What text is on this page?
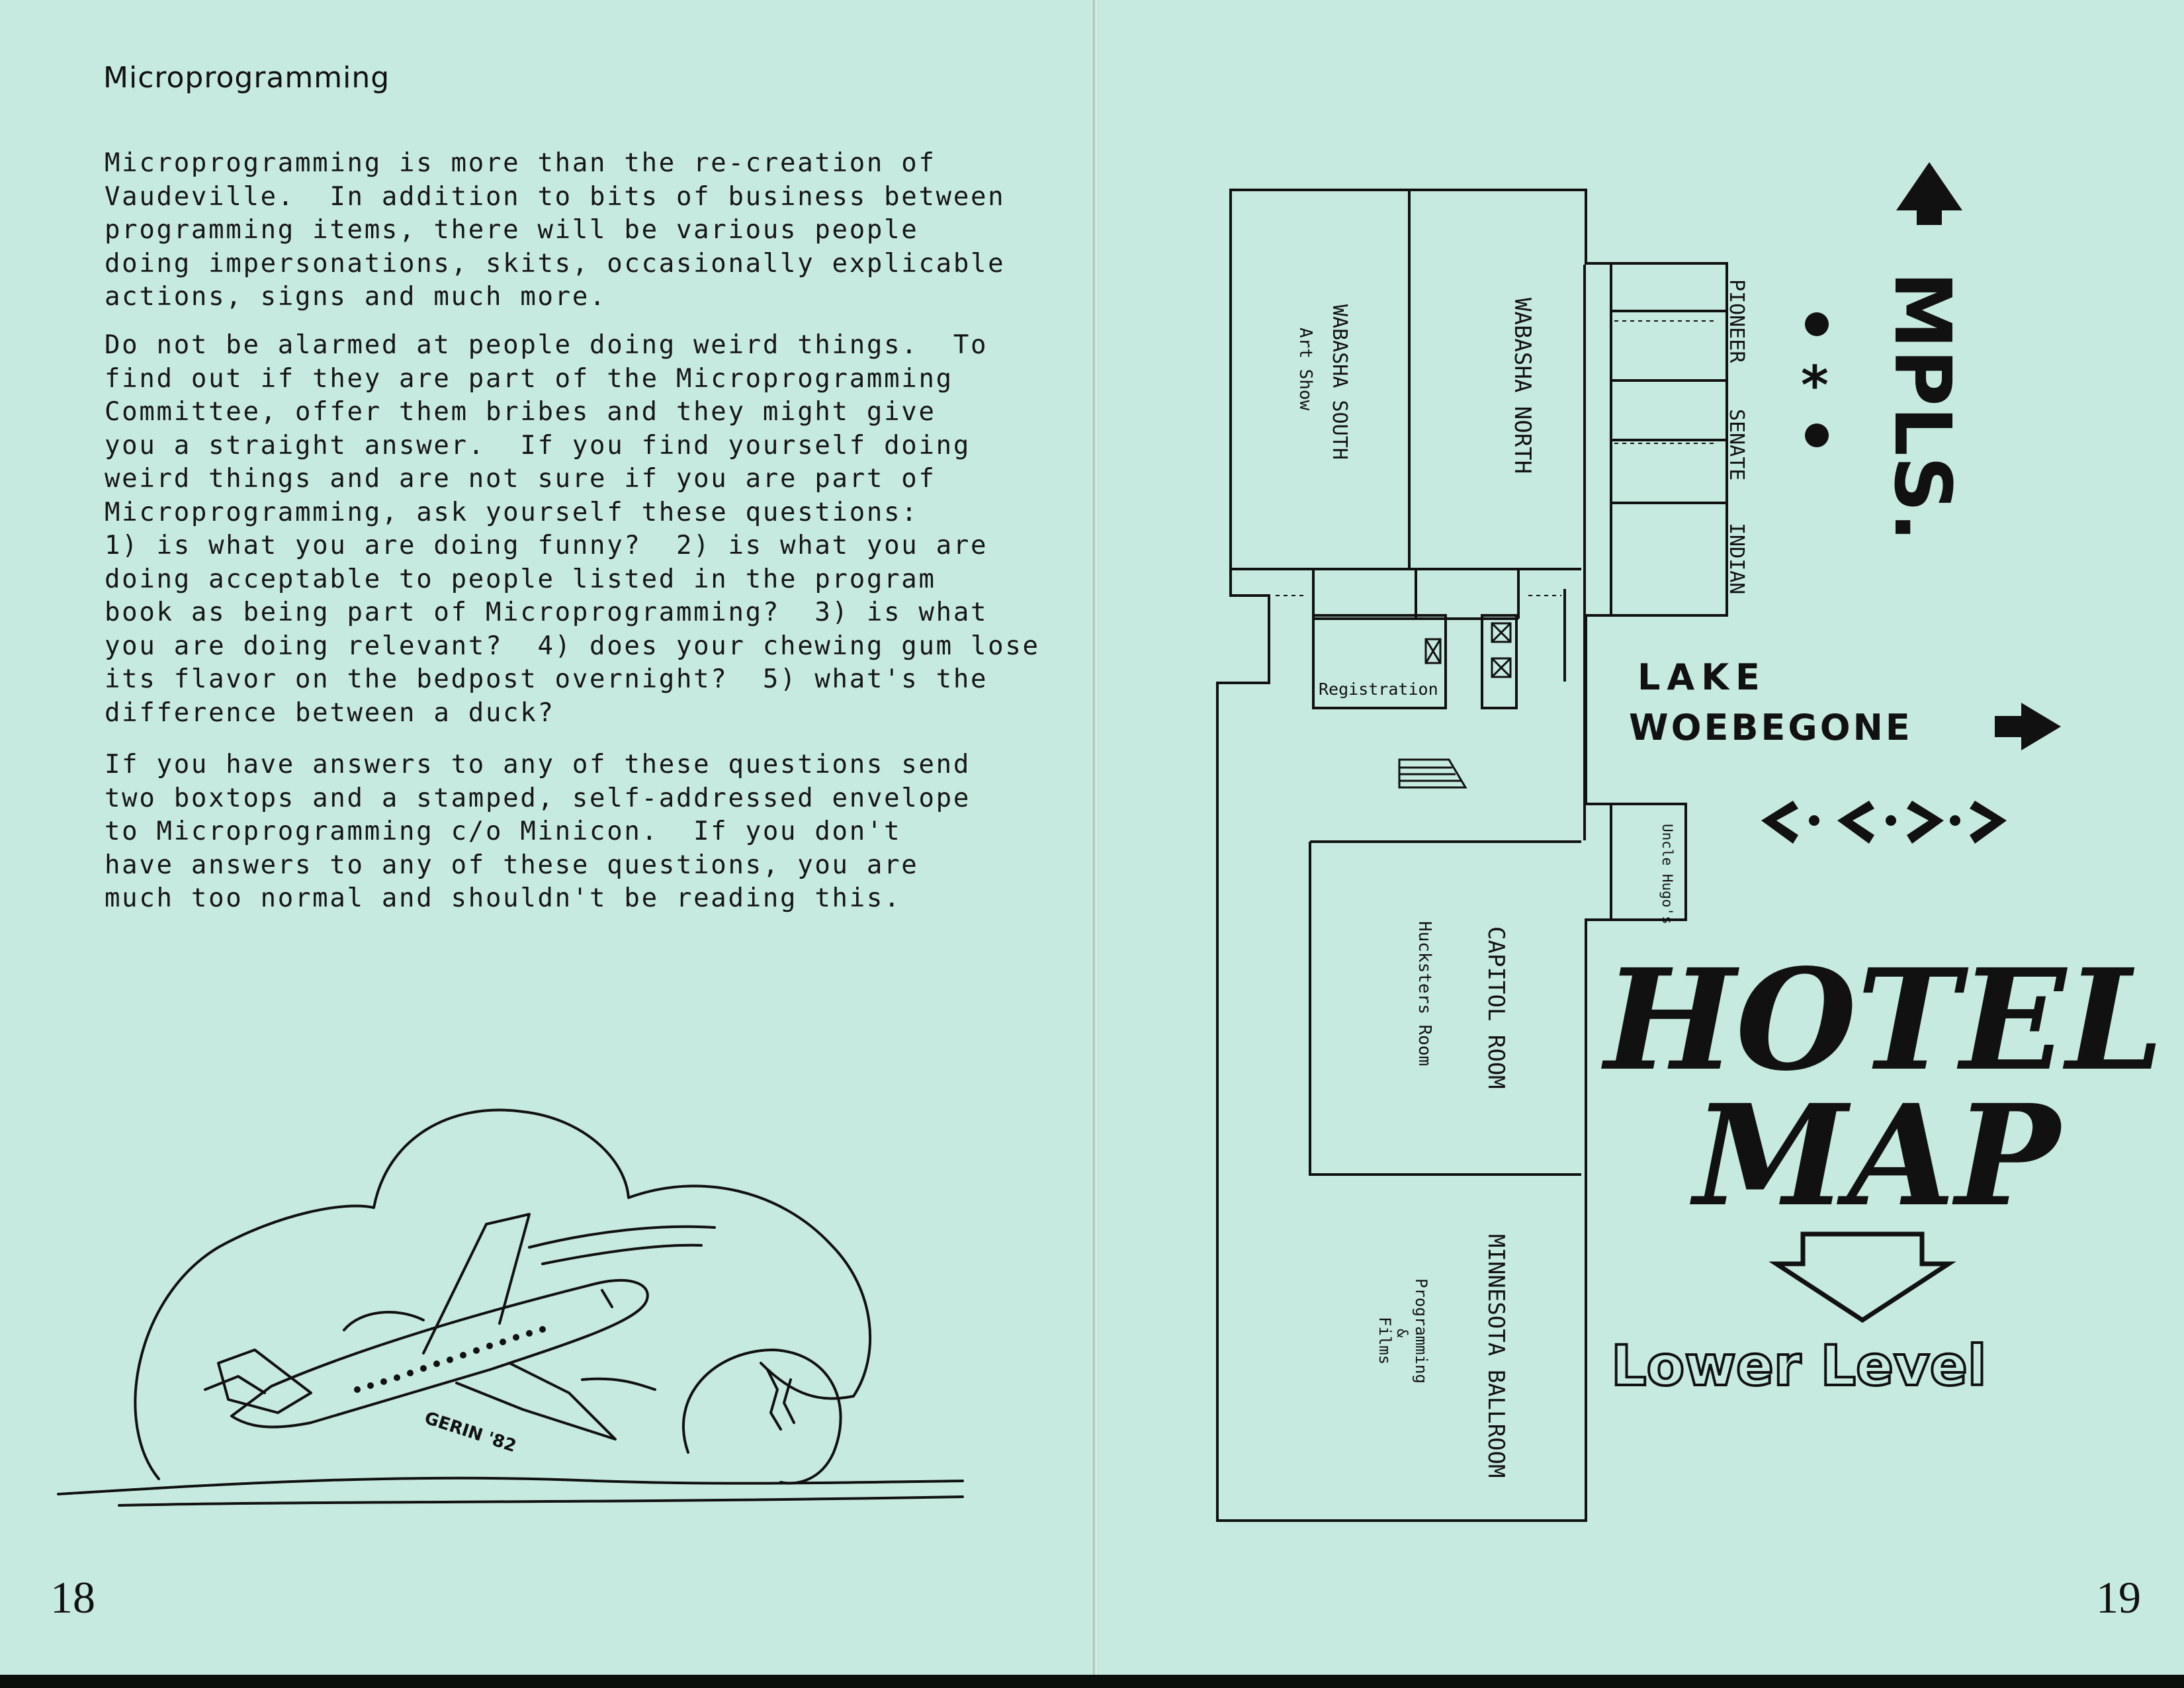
Microprogramming

Microprogramming is more than the re-creation of

Vaudeville.  In addition to bits of business between

programming items, there will be various people

doing impersonations, skits, occasionally explicable

actions, signs and much more.

Do not be alarmed at people doing weird things.  To

find out if they are part of the Microprogramming

Committee, offer them bribes and they might give

you a straight answer.  If you find yourself doing

weird things and are not sure if you are part of

Microprogramming, ask yourself these questions:

1) is what you are doing funny?  2) is what you are

doing acceptable to people listed in the program

book as being part of Microprogramming?  3) is what

you are doing relevant?  4) does your chewing gum lose

its flavor on the bedpost overnight?  5) what's the

difference between a duck?

If you have answers to any of these questions send

two boxtops and a stamped, self-addressed envelope

to Microprogramming c/o Minicon.  If you don't

have answers to any of these questions, you are

much too normal and shouldn't be reading this.

GERIN '82
18
WABASHA SOUTH
Art Show	WABASHA NORTH	PIONEER
SENATE
INDIAN
Registration
Uncle Hugo's
CAPITOL ROOM
Hucksters Room
MINNESOTA BALLROOM
Programming
&
Films
MPLS.
*
LAKE
WOEBEGONE
HOTEL
MAP
Lower Level
19
